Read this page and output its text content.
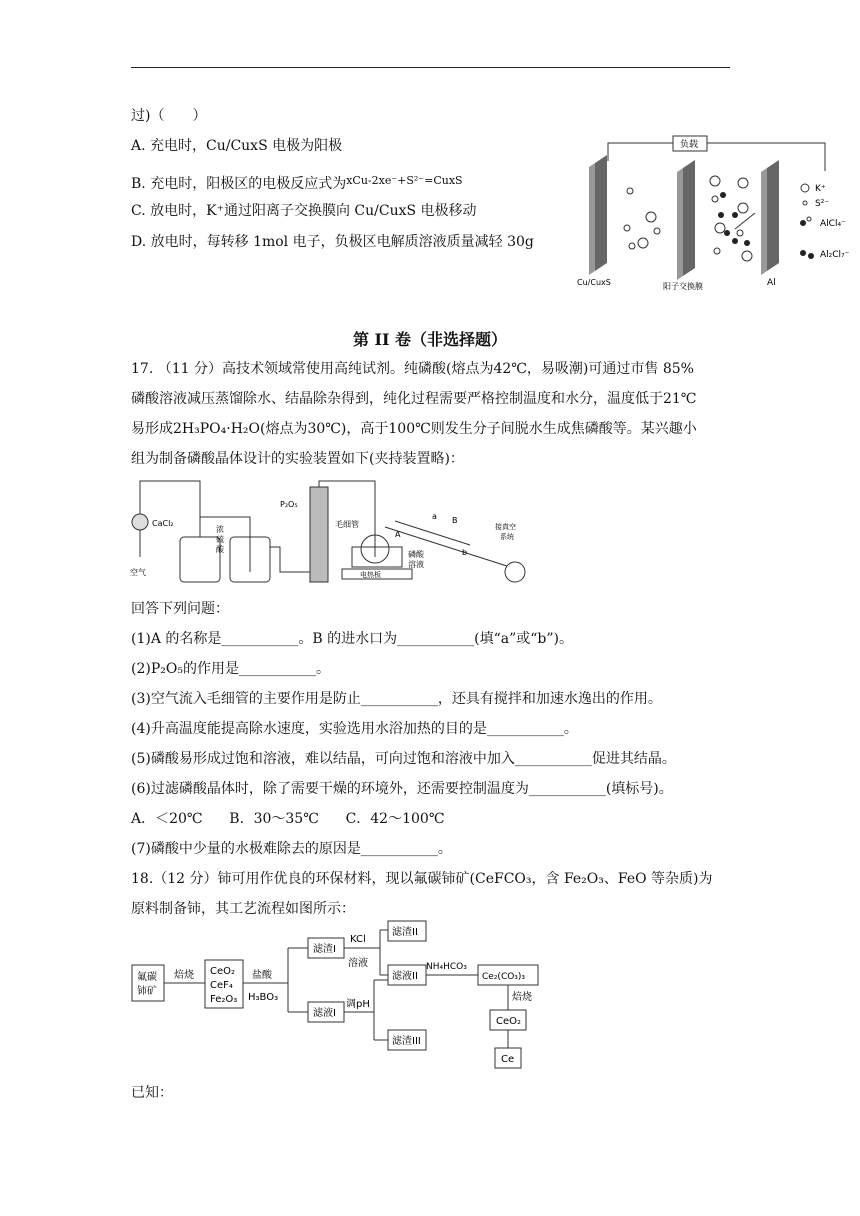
过)（　　）
A. 充电时，Cu/CuxS 电极为阳极
B. 充电时，阳极区的电极反应式为$^{xCu-2xe^-+S^{2-}=CuxS}$
C. 放电时，K⁺通过阳离子交换膜向 Cu/CuxS 电极移动
D. 放电时，每转移 1mol 电子，负极区电解质溶液质量减轻 30g
负载
K⁺
S²⁻
AlCl₄⁻
Al₂Cl₇⁻
Cu/CuxS	阳子交换膜	Al
第 II 卷（非选择题）
17. （11 分）高技术领域常使用高纯试剂。纯磷酸(熔点为42℃，易吸潮)可通过市售 85%
磷酸溶液减压蒸馏除水、结晶除杂得到，纯化过程需要严格控制温度和水分，温度低于21℃
易形成2H₃PO₄·H₂O(熔点为30℃)，高于100℃则发生分子间脱水生成焦磷酸等。某兴趣小
组为制备磷酸晶体设计的实验装置如下(夹持装置略)：
CaCl₂
空气
浓
硫
酸
P₂O₅
毛细管
A
磷酸
溶液
电热板
a B
b
接真空
系统
回答下列问题：
(1)A 的名称是___________。B 的进水口为___________(填“a”或“b”)。
(2)P₂O₅的作用是___________。
(3)空气流入毛细管的主要作用是防止___________，还具有搅拌和加速水逸出的作用。
(4)升高温度能提高除水速度，实验选用水浴加热的目的是___________。
(5)磷酸易形成过饱和溶液，难以结晶，可向过饱和溶液中加入___________促进其结晶。
(6)过滤磷酸晶体时，除了需要干燥的环境外，还需要控制温度为___________(填标号)。
A．＜20℃      B．30～35℃      C．42～100℃
(7)磷酸中少量的水极难除去的原因是___________。
18.（12 分）铈可用作优良的环保材料，现以氟碳铈矿(CeFCO₃，含 Fe₂O₃、FeO 等杂质)为
原料制备铈，其工艺流程如图所示：
氟碳
铈矿
焙烧 CeO₂
CeF₄
Fe₂O₃
盐酸
H₃BO₃
滤渣I
滤液I
KCl
溶液
滤渣II
滤液II
调pH
滤渣III
NH₄HCO₃
Ce₂(CO₃)₃
焙烧
CeO₂
Ce
已知：
